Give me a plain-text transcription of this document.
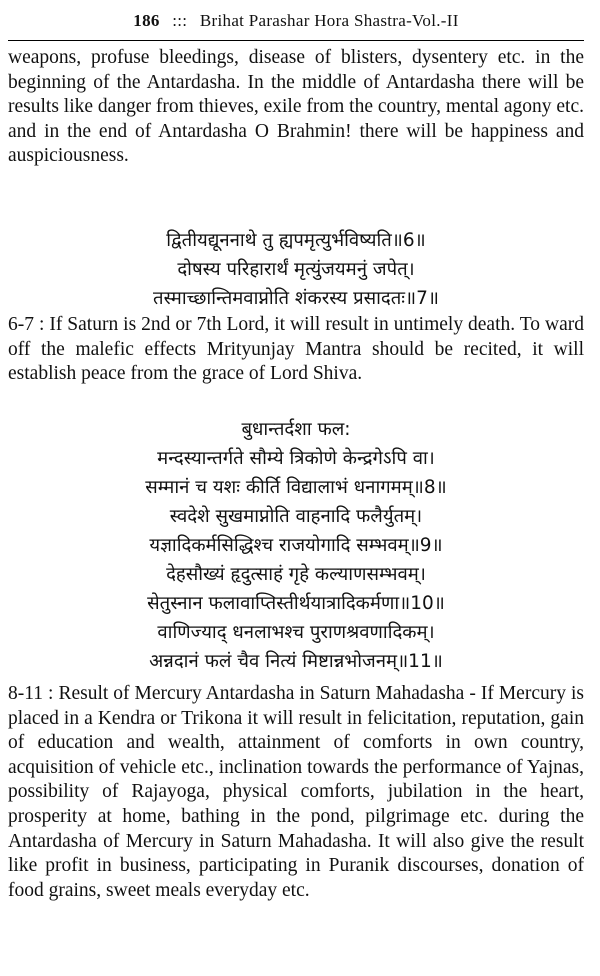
186 ::: Brihat Parashar Hora Shastra-Vol.-II
weapons, profuse bleedings, disease of blisters, dysentery etc. in the beginning of the Antardasha. In the middle of Antardasha there will be results like danger from thieves, exile from the country, mental agony etc. and in the end of Antardasha O Brahmin! there will be happiness and auspiciousness.
द्वितीयद्यूननाथे तु ह्यपमृत्युर्भविष्यति॥6॥
दोषस्य परिहारार्थं मृत्युंजयमनुं जपेत्।
तस्माच्छान्तिमवाप्नोति शंकरस्य प्रसादतः॥7॥
6-7 : If Saturn is 2nd or 7th Lord, it will result in untimely death. To ward off the malefic effects Mrityunjay Mantra should be recited, it will establish peace from the grace of Lord Shiva.
बुधान्तर्दशा फल:
मन्दस्यान्तर्गते सौम्ये त्रिकोणे केन्द्रगेऽपि वा।
सम्मानं च यशः कीर्ति विद्यालाभं धनागमम्॥8॥
स्वदेशे सुखमाप्नोति वाहनादि फलैर्युतम्।
यज्ञादिकर्मसिद्धिश्च राजयोगादि सम्भवम्॥9॥
देहसौख्यं हृदुत्साहं गृहे कल्याणसम्भवम्।
सेतुस्नान फलावाप्तिस्तीर्थयात्रादिकर्मणा॥10॥
वाणिज्याद् धनलाभश्च पुराणश्रवणादिकम्।
अन्नदानं फलं चैव नित्यं मिष्टान्नभोजनम्॥11॥
8-11 : Result of Mercury Antardasha in Saturn Mahadasha - If Mercury is placed in a Kendra or Trikona it will result in felicitation, reputation, gain of education and wealth, attainment of comforts in own country, acquisition of vehicle etc., inclination towards the performance of Yajnas, possibility of Rajayoga, physical comforts, jubilation in the heart, prosperity at home, bathing in the pond, pilgrimage etc. during the Antardasha of Mercury in Saturn Mahadasha. It will also give the result like profit in business, participating in Puranik discourses, donation of food grains, sweet meals everyday etc.
